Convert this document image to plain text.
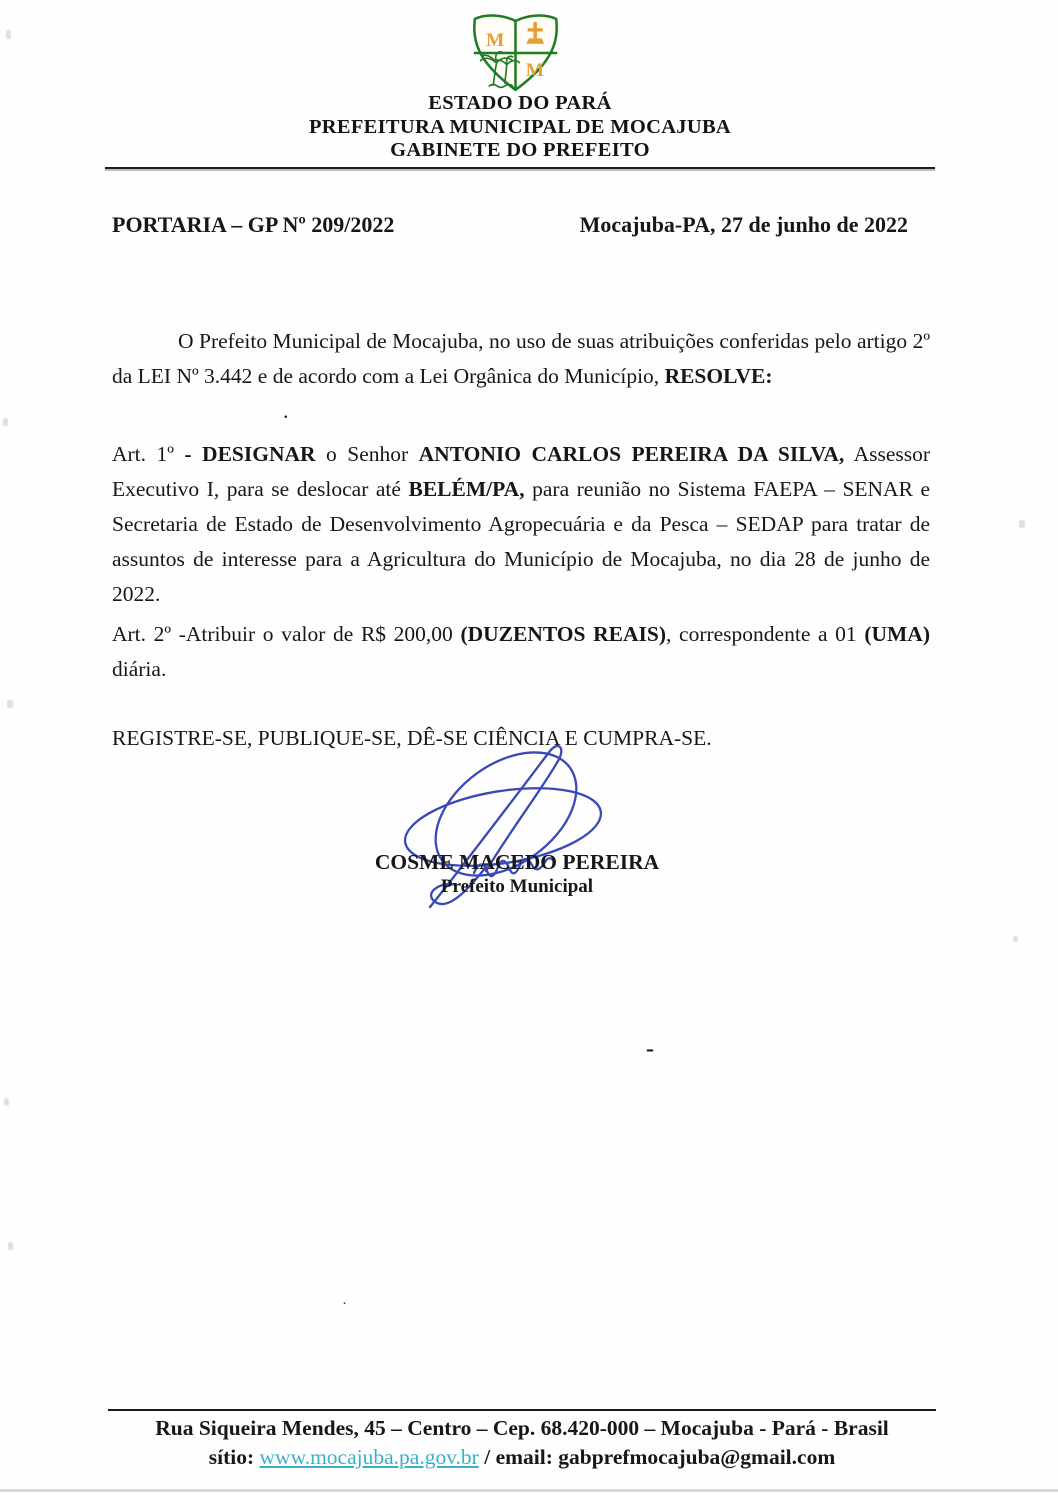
M
M
ESTADO DO PARÁ
PREFEITURA MUNICIPAL DE MOCAJUBA
GABINETE DO PREFEITO
PORTARIA – GP Nº 209/2022	Mocajuba-PA, 27 de junho de 2022

O Prefeito Municipal de Mocajuba, no uso de suas atribuições conferidas pelo artigo 2º da LEI Nº 3.442 e de acordo com a Lei Orgânica do Município, RESOLVE:

.

Art. 1º - DESIGNAR o Senhor ANTONIO CARLOS PEREIRA DA SILVA, Assessor Executivo I, para se deslocar até BELÉM/PA, para reunião no Sistema FAEPA – SENAR e Secretaria de Estado de Desenvolvimento Agropecuária e da Pesca – SEDAP para tratar de assuntos de interesse para a Agricultura do Município de Mocajuba, no dia 28 de junho de 2022.

Art. 2º -Atribuir o valor de R$ 200,00 (DUZENTOS REAIS), correspondente a 01 (UMA) diária.

REGISTRE-SE, PUBLIQUE-SE, DÊ-SE CIÊNCIA E CUMPRA-SE.

COSME MACEDO PEREIRA
Prefeito Municipal
-
·
Rua Siqueira Mendes, 45 – Centro – Cep. 68.420-000 – Mocajuba - Pará - Brasil
sítio: www.mocajuba.pa.gov.br / email: gabprefmocajuba@gmail.com
